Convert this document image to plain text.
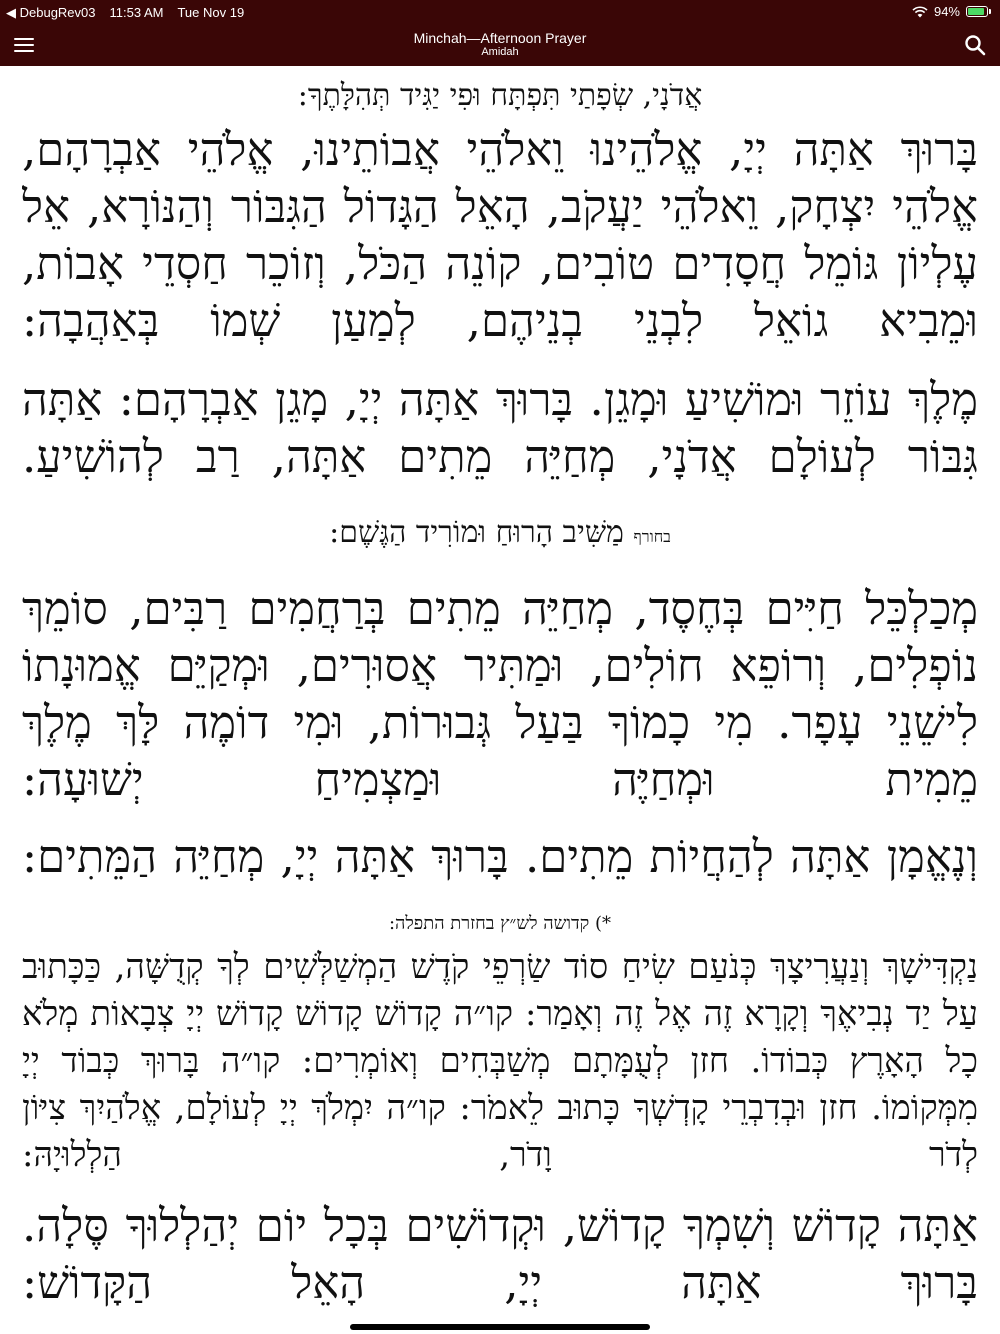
◀ DebugRev03 11:53 AM Tue Nov 19	94%
Minchah—Afternoon Prayer
Amidah

אֲדֹנָי, שְׂפָתַי תִּפְתָּח וּפִי יַגִּיד תְּהִלָּתֶךָ:

בָּרוּךְ אַתָּה יְיָ, אֱלֹהֵינוּ וֵאלֹהֵי אֲבוֹתֵינוּ, אֱלֹהֵי אַבְרָהָם, אֱלֹהֵי יִצְחָק, וֵאלֹהֵי יַעֲקֹב, הָאֵל הַגָּדוֹל הַגִּבּוֹר וְהַנּוֹרָא, אֵל עֶלְיוֹן גּוֹמֵל חֲסָדִים טוֹבִים, קוֹנֵה הַכֹּל, וְזוֹכֵר חַסְדֵי אָבוֹת, וּמֵבִיא גוֹאֵל לִבְנֵי בְנֵיהֶם, לְמַעַן שְׁמוֹ בְּאַהֲבָה:

מֶלֶךְ עוֹזֵר וּמוֹשִׁיעַ וּמָגֵן. בָּרוּךְ אַתָּה יְיָ, מָגֵן אַבְרָהָם: אַתָּה גִּבּוֹר לְעוֹלָם אֲדֹנָי, מְחַיֵּה מֵתִים אַתָּה, רַב לְהוֹשִׁיעַ.

בחורף מַשִּׁיב הָרוּחַ וּמוֹרִיד הַגֶּשֶׁם:

מְכַלְכֵּל חַיִּים בְּחֶסֶד, מְחַיֵּה מֵתִים בְּרַחֲמִים רַבִּים, סוֹמֵךְ נוֹפְלִים, וְרוֹפֵא חוֹלִים, וּמַתִּיר אֲסוּרִים, וּמְקַיֵּם אֱמוּנָתוֹ לִישֵׁנֵי עָפָר. מִי כָמוֹךָ בַּעַל גְּבוּרוֹת, וּמִי דוֹמֶה לָּךְ מֶלֶךְ מֵמִית וּמְחַיֶּה וּמַצְמִיחַ יְשׁוּעָה:

וְנֶאֱמָן אַתָּה לְהַחֲיוֹת מֵתִים. בָּרוּךְ אַתָּה יְיָ, מְחַיֵּה הַמֵּתִים:

*) קדושה לש״ץ בחזרת התפלה:

נַקְדִּישָׁךְ וְנַעֲרִיצָךְ כְּנֹעַם שִׂיחַ סוֹד שַׂרְפֵי קֹדֶשׁ הַמְשַׁלְּשִׁים לְךָ קְדֻשָּׁה, כַּכָּתוּב עַל יַד נְבִיאֶךָ וְקָרָא זֶה אֶל זֶה וְאָמַר: קו״ה קָדוֹשׁ קָדוֹשׁ קָדוֹשׁ יְיָ צְבָאוֹת מְלֹא כָל הָאָרֶץ כְּבוֹדוֹ. חזן לְעֻמָּתָם מְשַׁבְּחִים וְאוֹמְרִים: קו״ה בָּרוּךְ כְּבוֹד יְיָ מִמְּקוֹמוֹ. חזן וּבְדִבְרֵי קָדְשְׁךָ כָּתוּב לֵאמֹר: קו״ה יִמְלֹךְ יְיָ לְעוֹלָם, אֱלֹהַיִךְ צִיּוֹן לְדֹר וָדֹר, הַלְלוּיָהּ:

אַתָּה קָדוֹשׁ וְשִׁמְךָ קָדוֹשׁ, וּקְדוֹשִׁים בְּכָל יוֹם יְהַלְלוּךָ סֶּלָה. בָּרוּךְ אַתָּה יְיָ, הָאֵל הַקָּדוֹשׁ:
